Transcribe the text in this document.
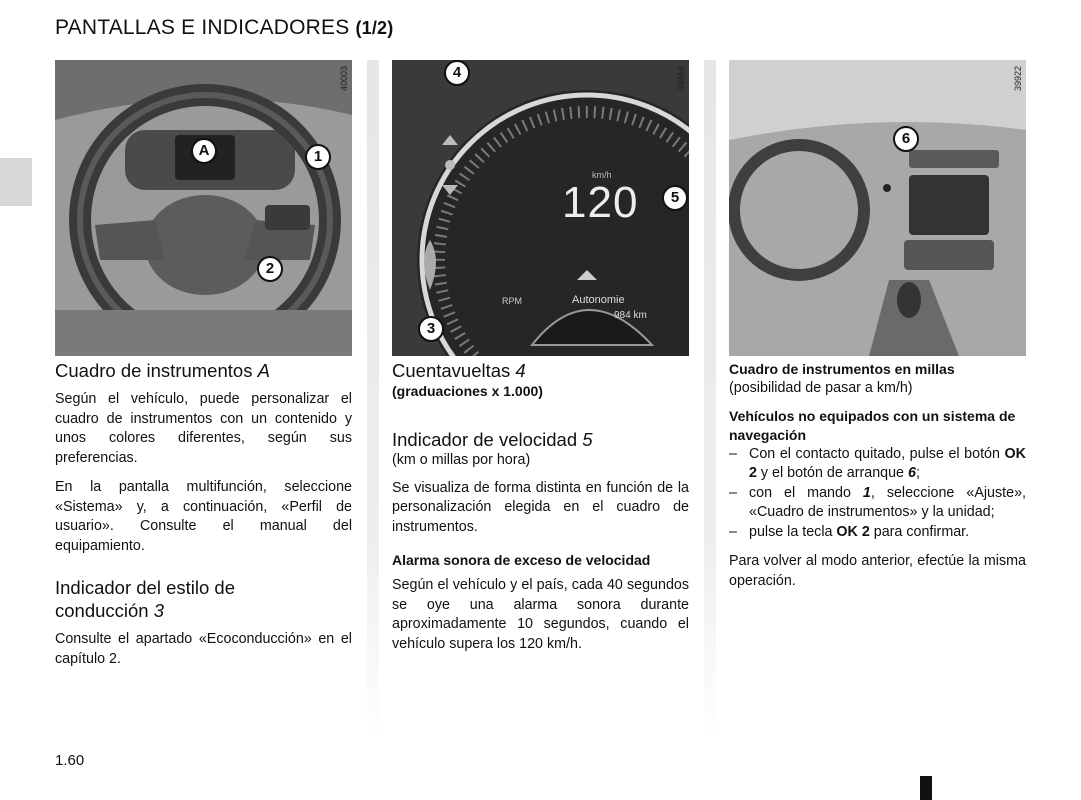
PANTALLAS E INDICADORES (1/2)
40003
A	1
2
39458
km/h
120
RPM	Autonomie
984 km
4
5
3
39922
6
Cuadro de instrumentos A

Según el vehículo, puede personalizar el cuadro de instrumentos con un contenido y unos colores diferentes, según sus preferencias.

En la pantalla multifunción, seleccione «Sistema» y, a continuación, «Perfil de usuario». Consulte el manual del equipamiento.

Indicador del estilo de
conducción 3

Consulte el apartado «Ecoconducción» en el capítulo 2.

Cuentavueltas 4
(graduaciones x 1.000)
Indicador de velocidad 5

(km o millas por hora)

Se visualiza de forma distinta en función de la personalización elegida en el cuadro de instrumentos.

Alarma sonora de exceso de velocidad

Según el vehículo y el país, cada 40 segundos se oye una alarma sonora durante aproximadamente 10 segundos, cuando el vehículo supera los 120 km/h.

Cuadro de instrumentos en millas

(posibilidad de pasar a km/h)

Vehículos no equipados con un sistema de navegación
– Con el contacto quitado, pulse el botón OK 2 y el botón de arranque 6;
– con el mando 1, seleccione «Ajuste», «Cuadro de instrumentos» y la unidad;
– pulse la tecla OK 2 para confirmar.

Para volver al modo anterior, efectúe la misma operación.

1.60
